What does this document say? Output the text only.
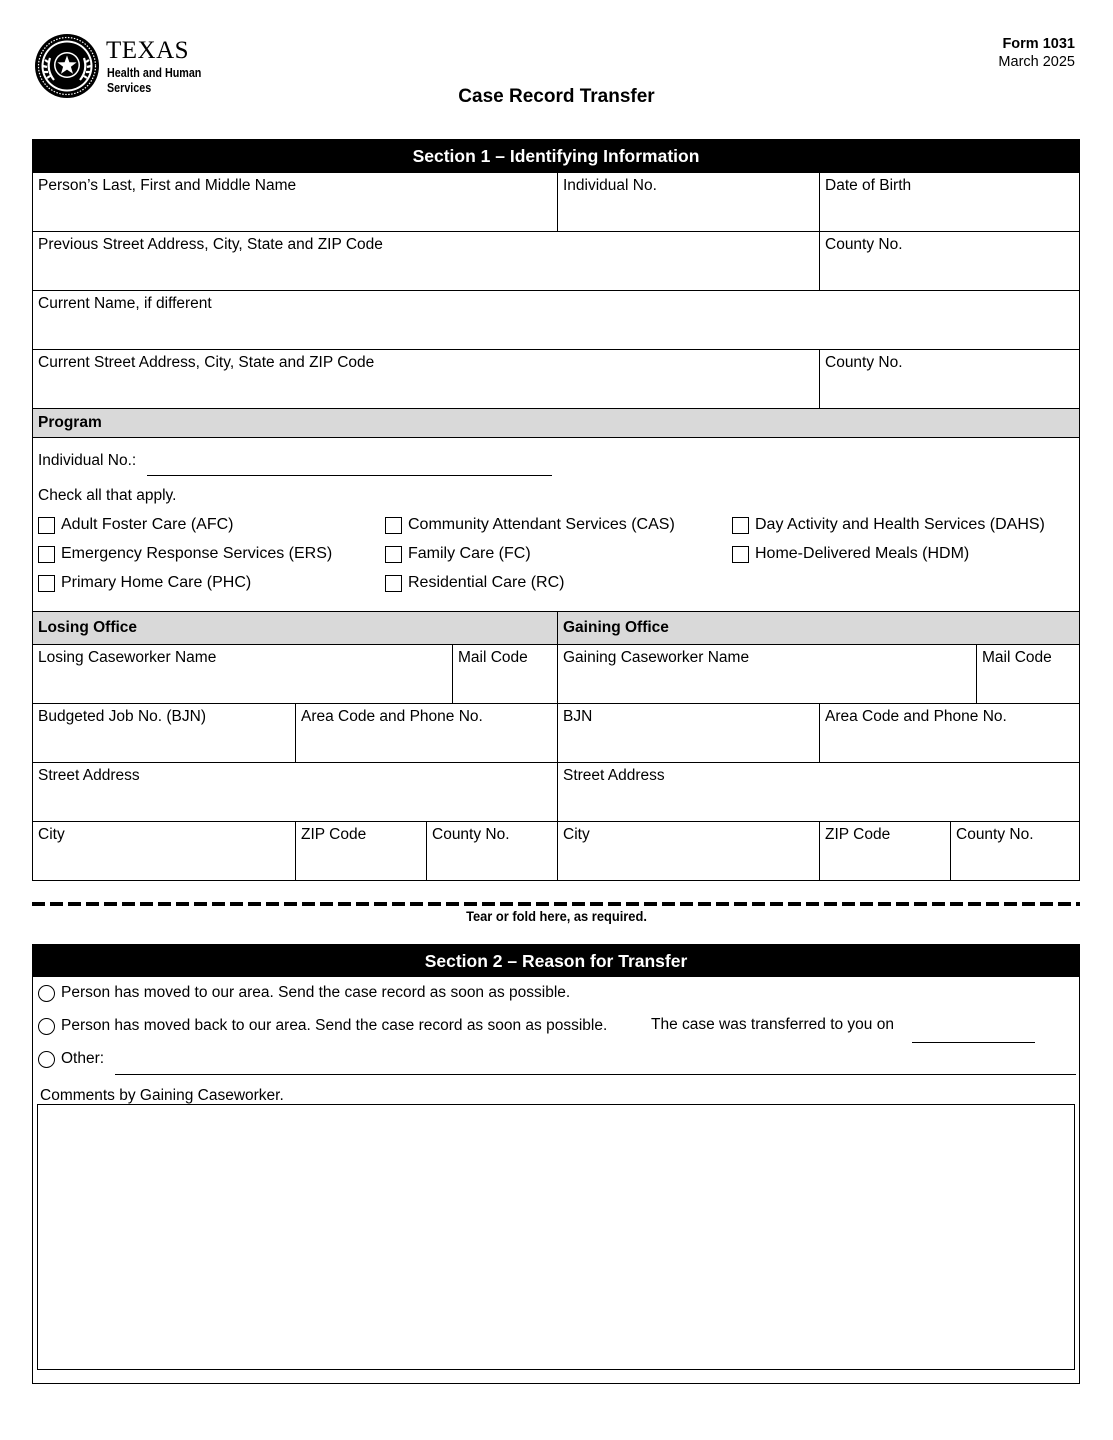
TEXAS
Health and Human
Services
Form 1031
March 2025
Case Record Transfer
Section 1 – Identifying Information
Person’s Last, First and Middle Name	Individual No.	Date of Birth
Previous Street Address, City, State and ZIP Code	County No.
Current Name, if different
Current Street Address, City, State and ZIP Code	County No.
Program
Individual No.:
Check all that apply.
Adult Foster Care (AFC)	Community Attendant Services (CAS)	Day Activity and Health Services (DAHS)
Emergency Response Services (ERS)	Family Care (FC)	Home-Delivered Meals (HDM)
Primary Home Care (PHC)	Residential Care (RC)
Losing Office	Gaining Office
Losing Caseworker Name	Mail Code	Gaining Caseworker Name	Mail Code
Budgeted Job No. (BJN)	Area Code and Phone No.	BJN	Area Code and Phone No.
Street Address	Street Address
City	ZIP Code	County No.	City	ZIP Code	County No.
Tear or fold here, as required.
Section 2 – Reason for Transfer
Person has moved to our area. Send the case record as soon as possible.
Person has moved back to our area. Send the case record as soon as possible.	The case was transferred to you on
Other:
Comments by Gaining Caseworker.
